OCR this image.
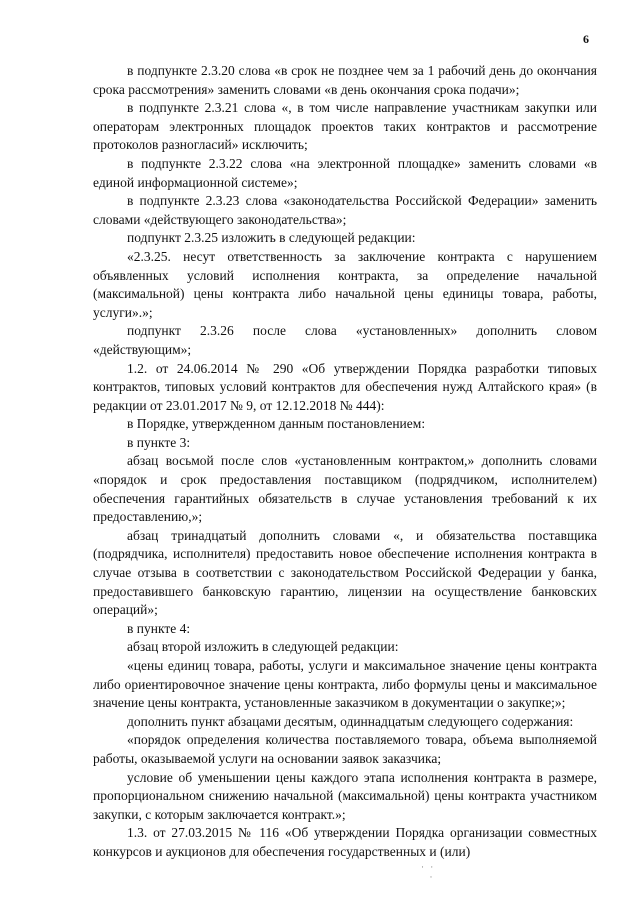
6

в подпункте 2.3.20 слова «в срок не позднее чем за 1 рабочий день до окончания срока рассмотрения» заменить словами «в день окончания срока подачи»;

в подпункте 2.3.21 слова «, в том числе направление участникам закупки или операторам электронных площадок проектов таких контрактов и рассмотрение протоколов разногласий» исключить;

в подпункте 2.3.22 слова «на электронной площадке» заменить словами «в единой информационной системе»;

в подпункте 2.3.23 слова «законодательства Российской Федерации» заменить словами «действующего законодательства»;

подпункт 2.3.25 изложить в следующей редакции:

«2.3.25. несут ответственность за заключение контракта с нарушением объявленных условий исполнения контракта, за определение начальной (максимальной) цены контракта либо начальной цены единицы товара, работы, услуги».»;

подпункт 2.3.26 после слова «установленных» дополнить словом «действующим»;

1.2. от 24.06.2014 № 290 «Об утверждении Порядка разработки типовых контрактов, типовых условий контрактов для обеспечения нужд Алтайского края» (в редакции от 23.01.2017 № 9, от 12.12.2018 № 444):

в Порядке, утвержденном данным постановлением:

в пункте 3:

абзац восьмой после слов «установленным контрактом,» дополнить словами «порядок и срок предоставления поставщиком (подрядчиком, исполнителем) обеспечения гарантийных обязательств в случае установления требований к их предоставлению,»;

абзац тринадцатый дополнить словами «, и обязательства поставщика (подрядчика, исполнителя) предоставить новое обеспечение исполнения контракта в случае отзыва в соответствии с законодательством Российской Федерации у банка, предоставившего банковскую гарантию, лицензии на осуществление банковских операций»;

в пункте 4:

абзац второй изложить в следующей редакции:

«цены единиц товара, работы, услуги и максимальное значение цены контракта либо ориентировочное значение цены контракта, либо формулы цены и максимальное значение цены контракта, установленные заказчиком в документации о закупке;»;

дополнить пункт абзацами десятым, одиннадцатым следующего содержания:

«порядок определения количества поставляемого товара, объема выполняемой работы, оказываемой услуги на основании заявок заказчика;

условие об уменьшении цены каждого этапа исполнения контракта в размере, пропорциональном снижению начальной (максимальной) цены контракта участником закупки, с которым заключается контракт.»;

1.3. от 27.03.2015 № 116 «Об утверждении Порядка организации совместных конкурсов и аукционов для обеспечения государственных и (или)

· ·
·
